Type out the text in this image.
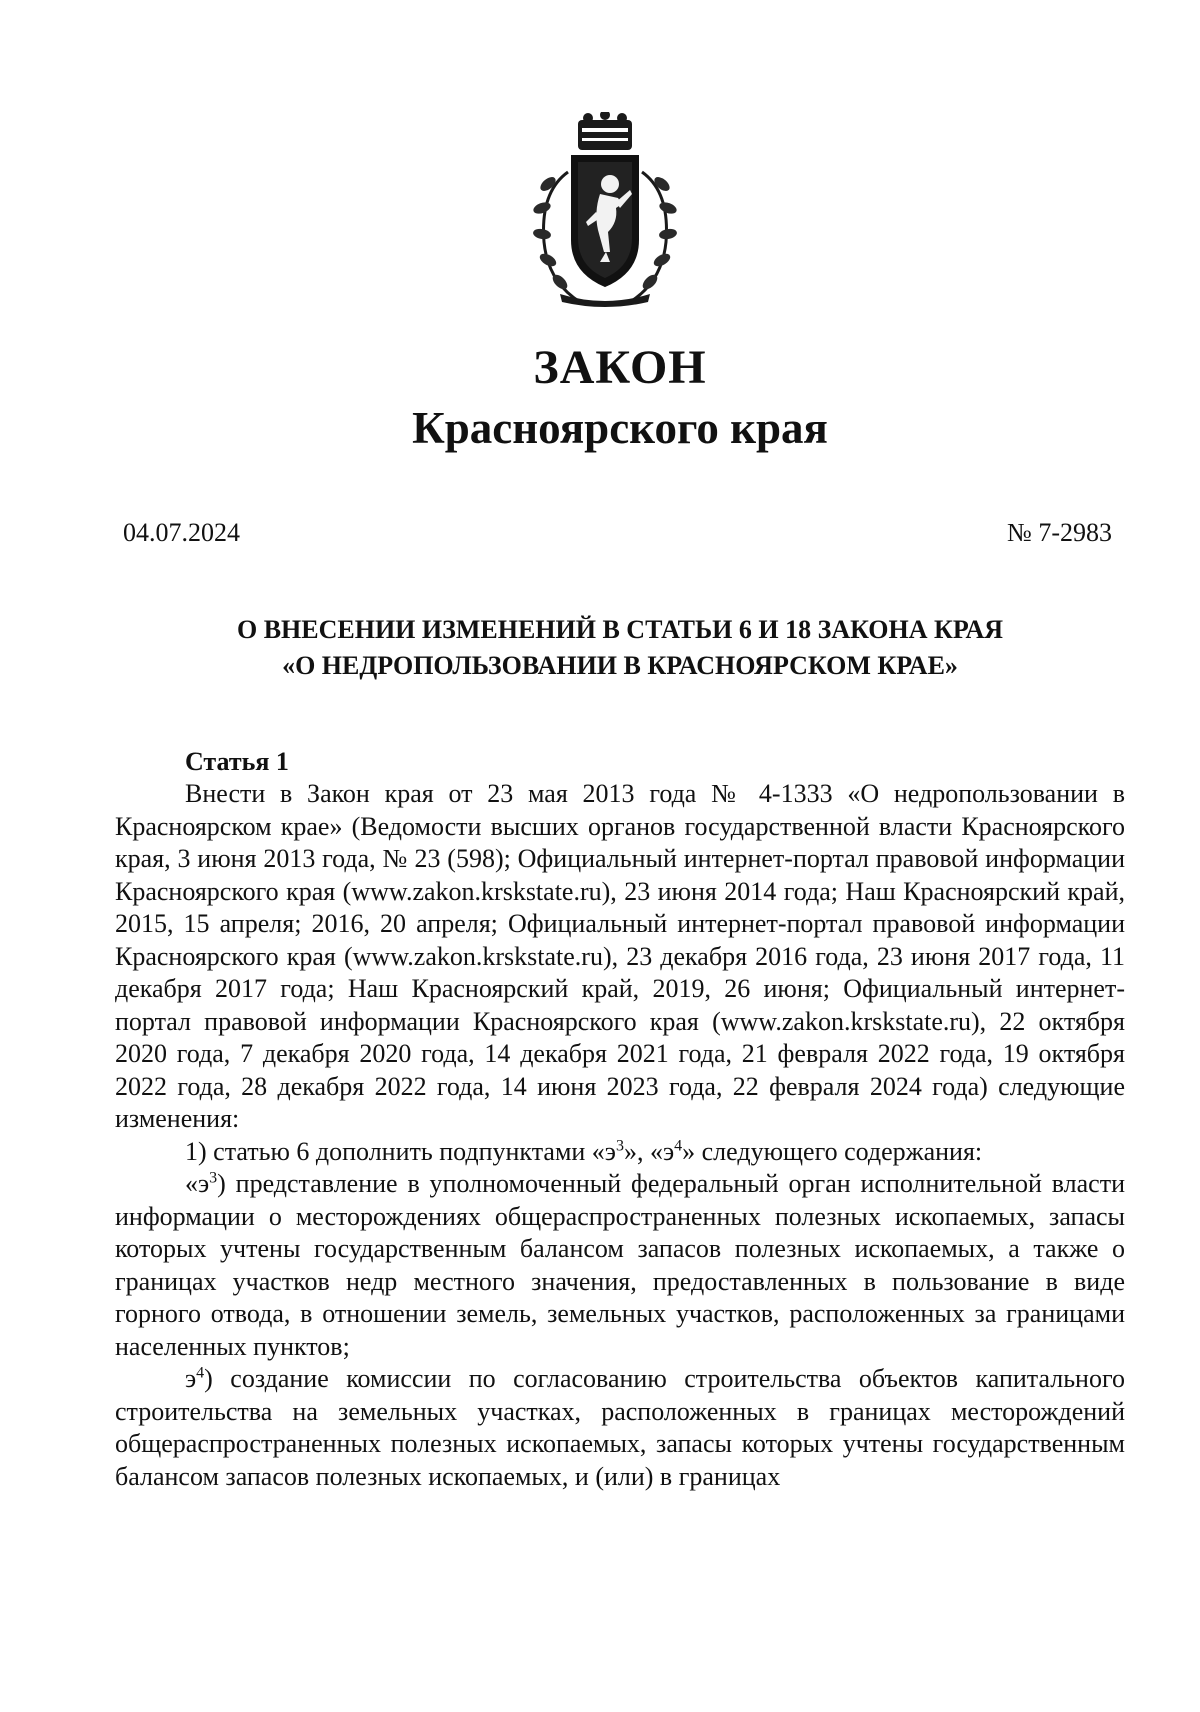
ЗАКОН
Красноярского края
04.07.2024	№ 7-2983
О ВНЕСЕНИИ ИЗМЕНЕНИЙ В СТАТЬИ 6 И 18 ЗАКОНА КРАЯ
«О НЕДРОПОЛЬЗОВАНИИ В КРАСНОЯРСКОМ КРАЕ»

Статья 1

Внести в Закон края от 23 мая 2013 года № 4-1333 «О недропользовании в Красноярском крае» (Ведомости высших органов государственной власти Красноярского края, 3 июня 2013 года, № 23 (598); Официальный интернет-портал правовой информации Красноярского края (www.zakon.krskstate.ru), 23 июня 2014 года; Наш Красноярский край, 2015, 15 апреля; 2016, 20 апреля; Официальный интернет-портал правовой информации Красноярского края (www.zakon.krskstate.ru), 23 декабря 2016 года, 23 июня 2017 года, 11 декабря 2017 года; Наш Красноярский край, 2019, 26 июня; Официальный интернет-портал правовой информации Красноярского края (www.zakon.krskstate.ru), 22 октября 2020 года, 7 декабря 2020 года, 14 декабря 2021 года, 21 февраля 2022 года, 19 октября 2022 года, 28 декабря 2022 года, 14 июня 2023 года, 22 февраля 2024 года) следующие изменения:

1) статью 6 дополнить подпунктами «$э^3$», «$э^4$» следующего содержания:

«$э^3$) представление в уполномоченный федеральный орган исполнительной власти информации о месторождениях общераспространенных полезных ископаемых, запасы которых учтены государственным балансом запасов полезных ископаемых, а также о границах участков недр местного значения, предоставленных в пользование в виде горного отвода, в отношении земель, земельных участков, расположенных за границами населенных пунктов;

$э^4$) создание комиссии по согласованию строительства объектов капитального строительства на земельных участках, расположенных в границах месторождений общераспространенных полезных ископаемых, запасы которых учтены государственным балансом запасов полезных ископаемых, и (или) в границах
